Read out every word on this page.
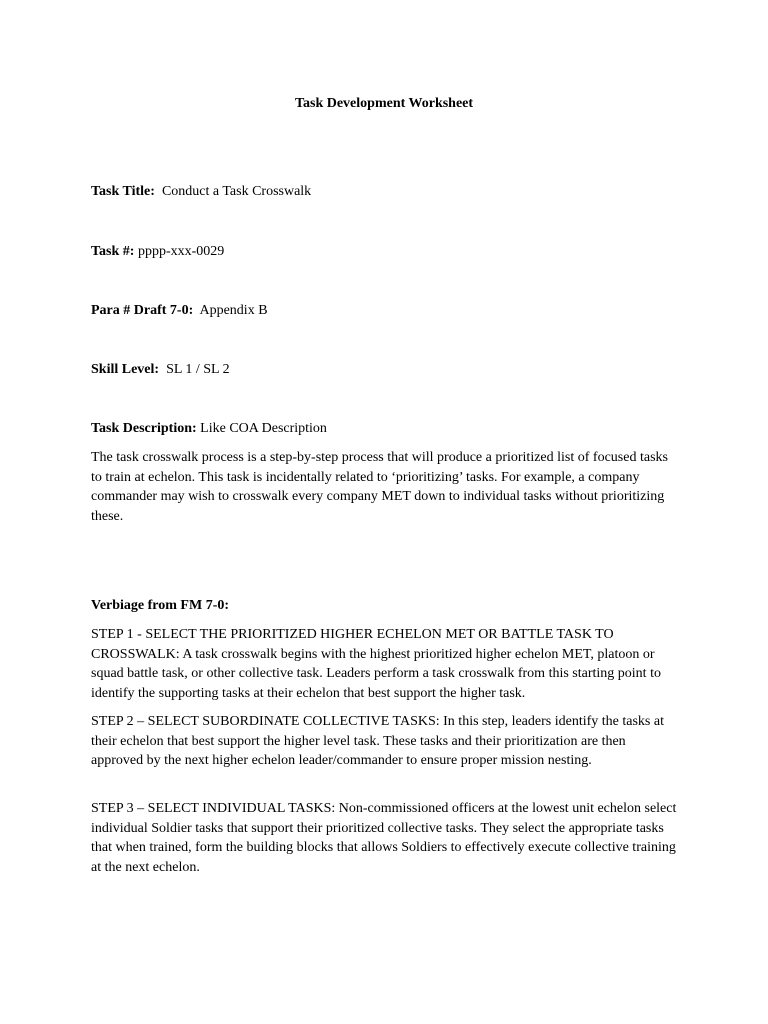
Task Development Worksheet
Task Title: Conduct a Task Crosswalk
Task #: pppp-xxx-0029
Para # Draft 7-0: Appendix B
Skill Level: SL 1 / SL 2
Task Description: Like COA Description
The task crosswalk process is a step-by-step process that will produce a prioritized list of focused tasks to train at echelon. This task is incidentally related to ‘prioritizing’ tasks. For example, a company commander may wish to crosswalk every company MET down to individual tasks without prioritizing these.
Verbiage from FM 7-0:
STEP 1 - SELECT THE PRIORITIZED HIGHER ECHELON MET OR BATTLE TASK TO CROSSWALK: A task crosswalk begins with the highest prioritized higher echelon MET, platoon or squad battle task, or other collective task. Leaders perform a task crosswalk from this starting point to identify the supporting tasks at their echelon that best support the higher task.
STEP 2 – SELECT SUBORDINATE COLLECTIVE TASKS: In this step, leaders identify the tasks at their echelon that best support the higher level task. These tasks and their prioritization are then approved by the next higher echelon leader/commander to ensure proper mission nesting.
STEP 3 – SELECT INDIVIDUAL TASKS: Non-commissioned officers at the lowest unit echelon select individual Soldier tasks that support their prioritized collective tasks. They select the appropriate tasks that when trained, form the building blocks that allows Soldiers to effectively execute collective training at the next echelon.
